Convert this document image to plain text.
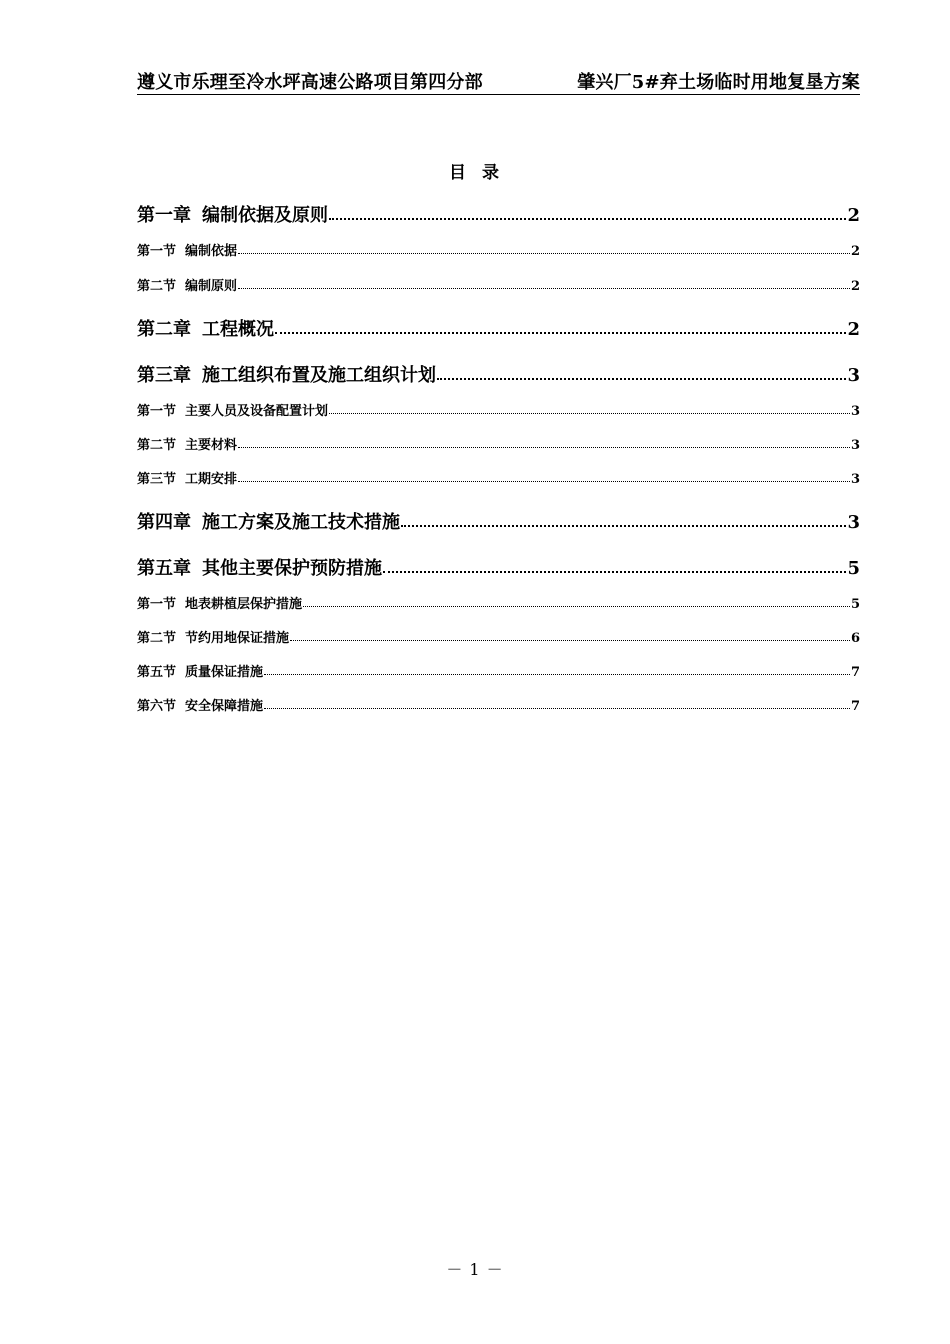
遵义市乐理至冷水坪高速公路项目第四分部	肇兴厂5#弃土场临时用地复垦方案
目 录
第一章 编制依据及原则	2
第一节 编制依据	2
第二节 编制原则	2
第二章 工程概况	2
第三章 施工组织布置及施工组织计划	3
第一节 主要人员及设备配置计划	3
第二节 主要材料	3
第三节 工期安排	3
第四章 施工方案及施工技术措施	3
第五章 其他主要保护预防措施	5
第一节 地表耕植层保护措施	5
第二节 节约用地保证措施	6
第五节 质量保证措施	7
第六节 安全保障措施	7
－ 1 －
